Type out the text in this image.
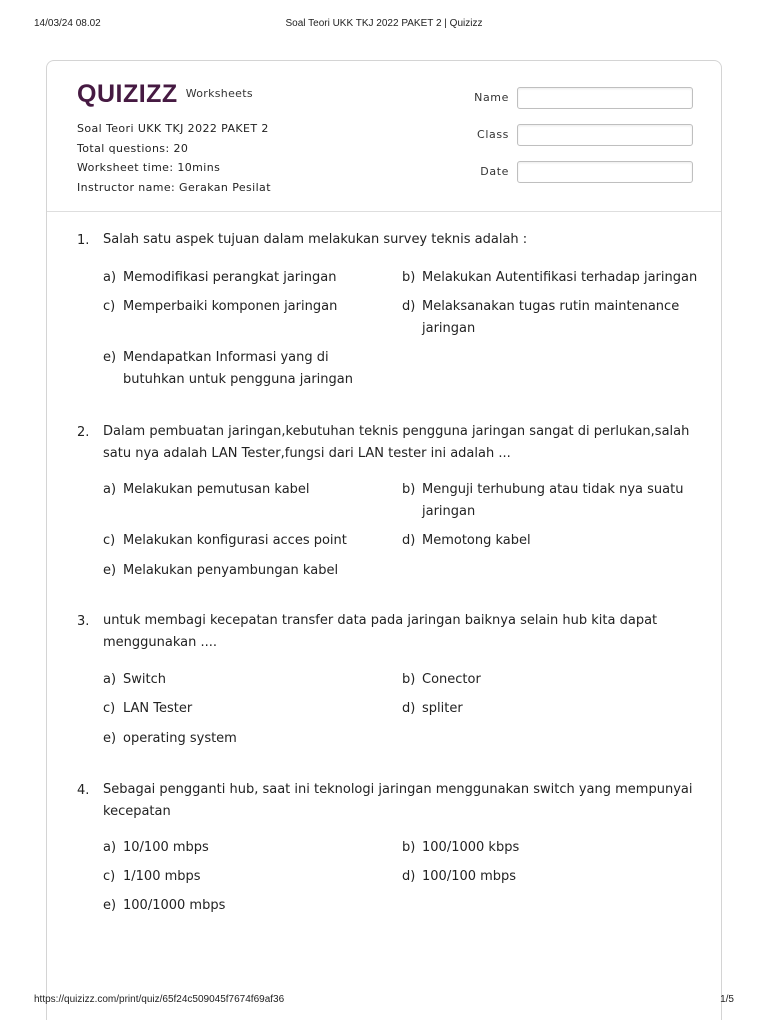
14/03/24 08.02	Soal Teori UKK TKJ 2022 PAKET 2 | Quizizz
QUIZIZZ Worksheets
Soal Teori UKK TKJ 2022 PAKET 2
Total questions: 20
Worksheet time: 10mins
Instructor name: Gerakan Pesilat
Name
Class
Date
1. Salah satu aspek tujuan dalam melakukan survey teknis adalah :
a) Memodifikasi perangkat jaringan	b) Melakukan Autentifikasi terhadap jaringan
c) Memperbaiki komponen jaringan	d) Melaksanakan tugas rutin maintenance jaringan
e) Mendapatkan Informasi yang di butuhkan untuk pengguna jaringan
2. Dalam pembuatan jaringan,kebutuhan teknis pengguna jaringan sangat di perlukan,salah satu nya adalah LAN Tester,fungsi dari LAN tester ini adalah ...
a) Melakukan pemutusan kabel	b) Menguji terhubung atau tidak nya suatu jaringan
c) Melakukan konfigurasi acces point	d) Memotong kabel
e) Melakukan penyambungan kabel
3. untuk membagi kecepatan transfer data pada jaringan baiknya selain hub kita dapat menggunakan ....
a) Switch	b) Conector
c) LAN Tester	d) spliter
e) operating system
4. Sebagai pengganti hub, saat ini teknologi jaringan menggunakan switch yang mempunyai kecepatan
a) 10/100 mbps	b) 100/1000 kbps
c) 1/100 mbps	d) 100/100 mbps
e) 100/1000 mbps
https://quizizz.com/print/quiz/65f24c509045f7674f69af36	1/5
